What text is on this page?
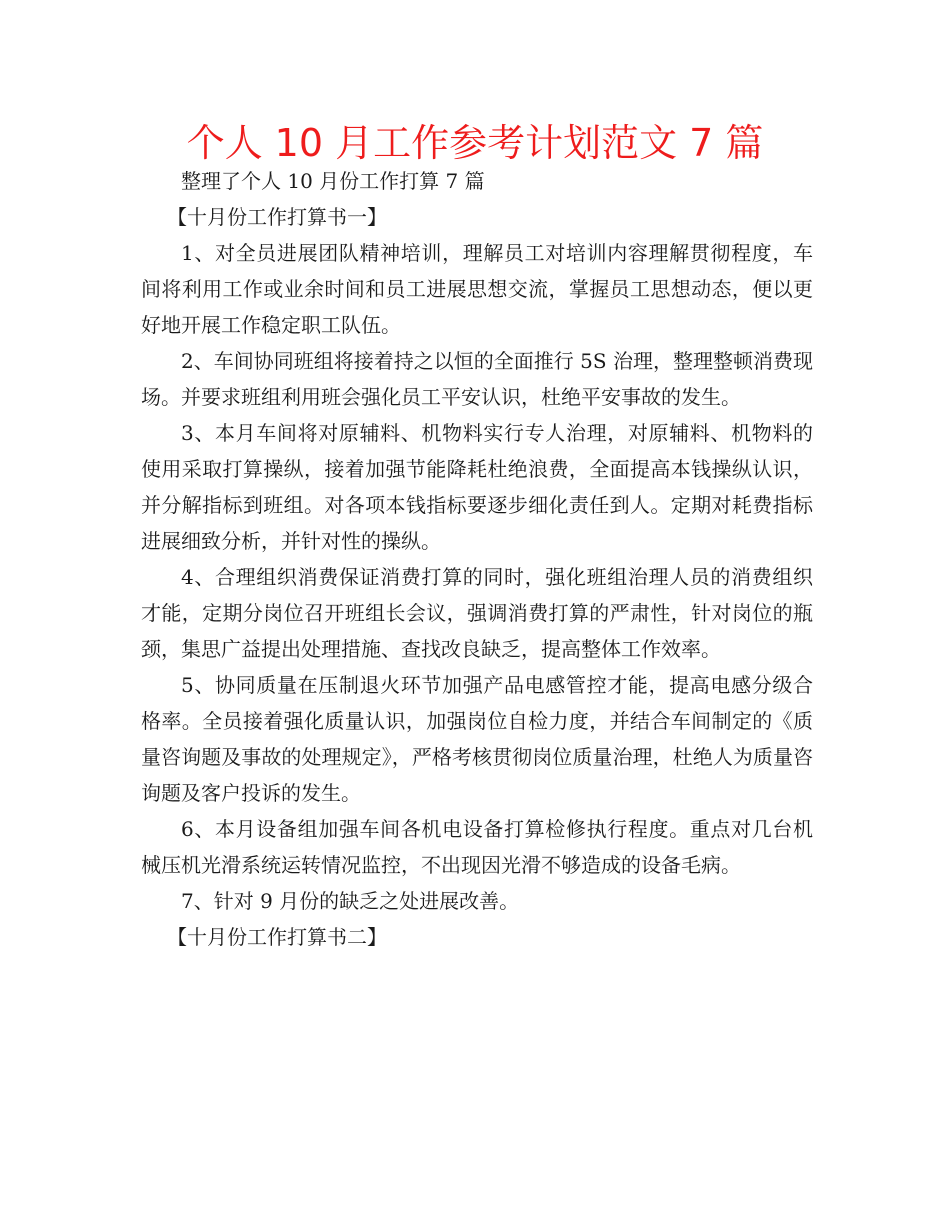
个人 10 月工作参考计划范文 7 篇

整理了个人 10 月份工作打算 7 篇

【十月份工作打算书一】

1、对全员进展团队精神培训，理解员工对培训内容理解贯彻程度，车间将利用工作或业余时间和员工进展思想交流，掌握员工思想动态，便以更好地开展工作稳定职工队伍。

2、车间协同班组将接着持之以恒的全面推行 5S 治理，整理整顿消费现场。并要求班组利用班会强化员工平安认识，杜绝平安事故的发生。

3、本月车间将对原辅料、机物料实行专人治理，对原辅料、机物料的使用采取打算操纵，接着加强节能降耗杜绝浪费，全面提高本钱操纵认识，并分解指标到班组。对各项本钱指标要逐步细化责任到人。定期对耗费指标进展细致分析，并针对性的操纵。

4、合理组织消费保证消费打算的同时，强化班组治理人员的消费组织才能，定期分岗位召开班组长会议，强调消费打算的严肃性，针对岗位的瓶颈，集思广益提出处理措施、查找改良缺乏，提高整体工作效率。

5、协同质量在压制退火环节加强产品电感管控才能，提高电感分级合格率。全员接着强化质量认识，加强岗位自检力度，并结合车间制定的《质量咨询题及事故的处理规定》，严格考核贯彻岗位质量治理，杜绝人为质量咨询题及客户投诉的发生。

6、本月设备组加强车间各机电设备打算检修执行程度。重点对几台机械压机光滑系统运转情况监控，不出现因光滑不够造成的设备毛病。

7、针对 9 月份的缺乏之处进展改善。

【十月份工作打算书二】
